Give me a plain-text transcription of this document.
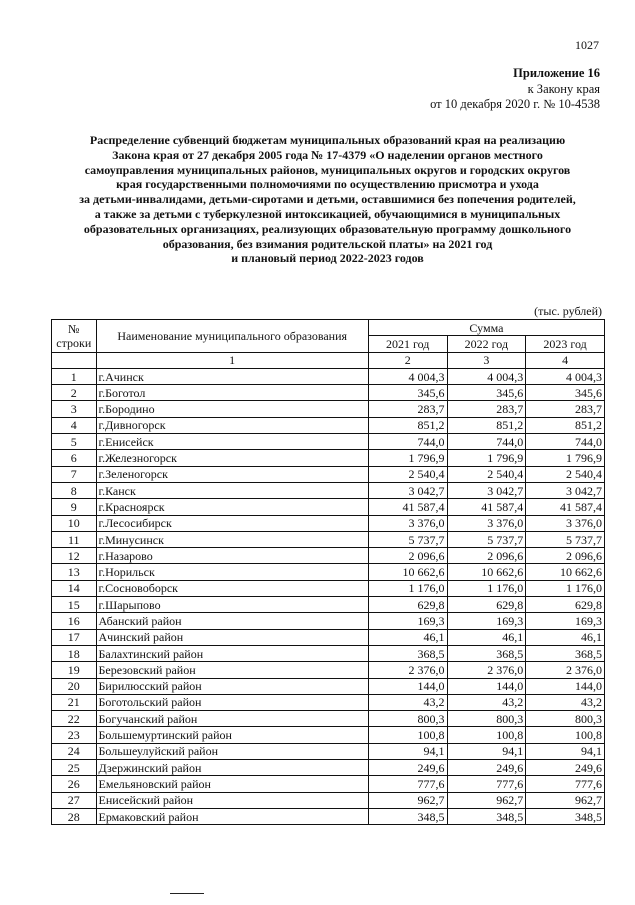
1027
Приложение 16
к Закону края
от 10 декабря 2020 г. № 10-4538
Распределение субвенций бюджетам муниципальных образований края на реализацию
Закона края от 27 декабря 2005 года № 17-4379 «О наделении органов местного
самоуправления муниципальных районов, муниципальных округов и городских округов
края государственными полномочиями по осуществлению присмотра и ухода
за детьми-инвалидами, детьми-сиротами и детьми, оставшимися без попечения родителей,
а также за детьми с туберкулезной интоксикацией, обучающимися в муниципальных
образовательных организациях, реализующих образовательную программу дошкольного
образования, без взимания родительской платы» на 2021 год
и плановый период 2022-2023 годов
(тыс. рублей)
№ строки	Наименование муниципального образования	Сумма		
		2021 год	2022 год	2023 год
	1	2	3	4
1	г.Ачинск	4 004,3	4 004,3	4 004,3
2	г.Боготол	345,6	345,6	345,6
3	г.Бородино	283,7	283,7	283,7
4	г.Дивногорск	851,2	851,2	851,2
5	г.Енисейск	744,0	744,0	744,0
6	г.Железногорск	1 796,9	1 796,9	1 796,9
7	г.Зеленогорск	2 540,4	2 540,4	2 540,4
8	г.Канск	3 042,7	3 042,7	3 042,7
9	г.Красноярск	41 587,4	41 587,4	41 587,4
10	г.Лесосибирск	3 376,0	3 376,0	3 376,0
11	г.Минусинск	5 737,7	5 737,7	5 737,7
12	г.Назарово	2 096,6	2 096,6	2 096,6
13	г.Норильск	10 662,6	10 662,6	10 662,6
14	г.Сосновоборск	1 176,0	1 176,0	1 176,0
15	г.Шарыпово	629,8	629,8	629,8
16	Абанский район	169,3	169,3	169,3
17	Ачинский район	46,1	46,1	46,1
18	Балахтинский район	368,5	368,5	368,5
19	Березовский район	2 376,0	2 376,0	2 376,0
20	Бирилюсский район	144,0	144,0	144,0
21	Боготольский район	43,2	43,2	43,2
22	Богучанский район	800,3	800,3	800,3
23	Большемуртинский район	100,8	100,8	100,8
24	Большеулуйский район	94,1	94,1	94,1
25	Дзержинский район	249,6	249,6	249,6
26	Емельяновский район	777,6	777,6	777,6
27	Енисейский район	962,7	962,7	962,7
28	Ермаковский район	348,5	348,5	348,5
